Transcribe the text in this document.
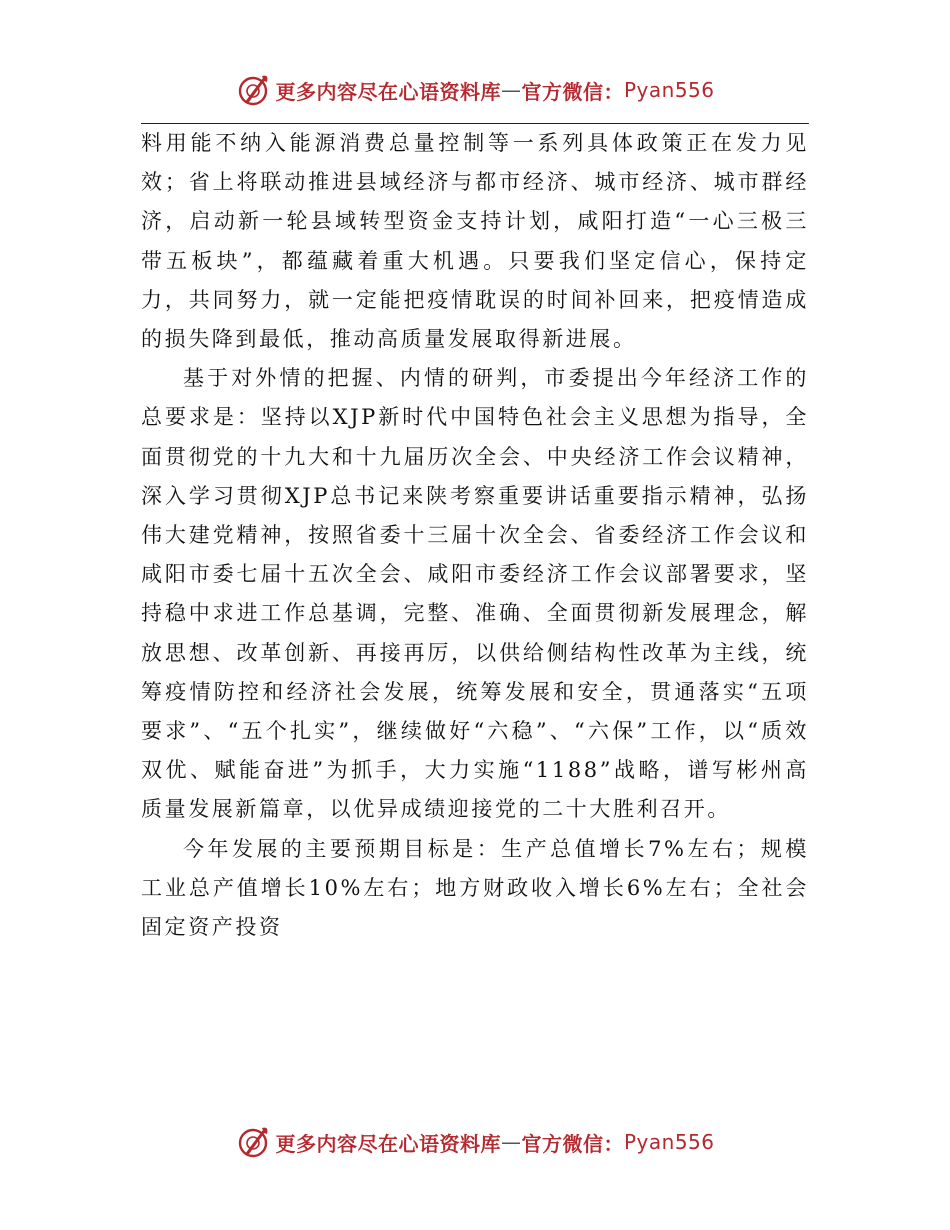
更多内容尽在心语资料库 — 官方微信： Pyan556

料用能不纳入能源消费总量控制等一系列具体政策正在发力见效；省上将联动推进县域经济与都市经济、城市经济、城市群经济，启动新一轮县域转型资金支持计划，咸阳打造“一心三极三带五板块”，都蕴藏着重大机遇。只要我们坚定信心，保持定力，共同努力，就一定能把疫情耽误的时间补回来，把疫情造成的损失降到最低，推动高质量发展取得新进展。

基于对外情的把握、内情的研判，市委提出今年经济工作的总要求是：坚持以XJP新时代中国特色社会主义思想为指导，全面贯彻党的十九大和十九届历次全会、中央经济工作会议精神，深入学习贯彻XJP总书记来陕考察重要讲话重要指示精神，弘扬伟大建党精神，按照省委十三届十次全会、省委经济工作会议和咸阳市委七届十五次全会、咸阳市委经济工作会议部署要求，坚持稳中求进工作总基调，完整、准确、全面贯彻新发展理念，解放思想、改革创新、再接再厉，以供给侧结构性改革为主线，统筹疫情防控和经济社会发展，统筹发展和安全，贯通落实“五项要求”、“五个扎实”，继续做好“六稳”、“六保”工作，以“质效双优、赋能奋进”为抓手，大力实施“1188”战略，谱写彬州高质量发展新篇章，以优异成绩迎接党的二十大胜利召开。

今年发展的主要预期目标是：生产总值增长7%左右；规模工业总产值增长10%左右；地方财政收入增长6%左右；全社会固定资产投资

更多内容尽在心语资料库 — 官方微信： Pyan556
